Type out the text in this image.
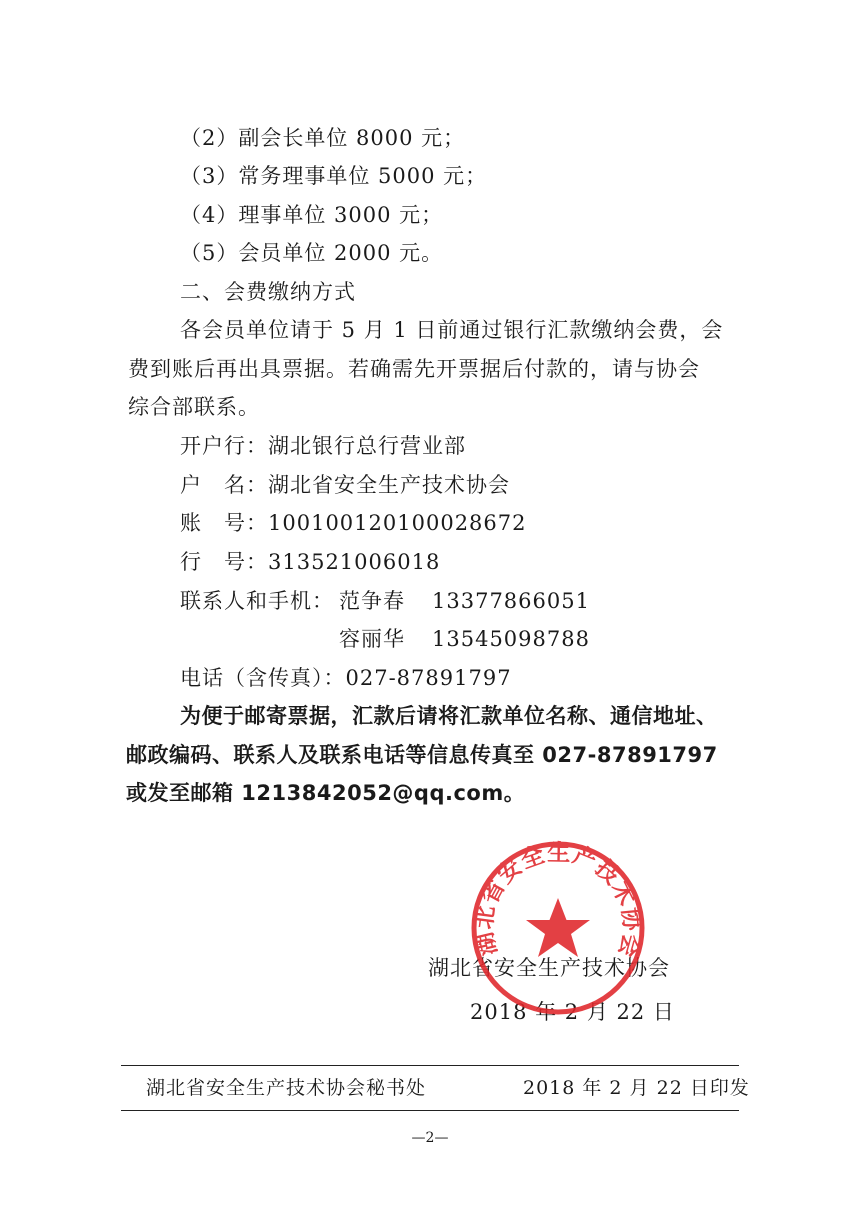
（2）副会长单位 8000 元；
（3）常务理事单位 5000 元；
（4）理事单位 3000 元；
（5）会员单位 2000 元。
二、会费缴纳方式
各会员单位请于 5 月 1 日前通过银行汇款缴纳会费，会
费到账后再出具票据。若确需先开票据后付款的，请与协会
综合部联系。
开户行：湖北银行总行营业部
户　名：湖北省安全生产技术协会
账　号：100100120100028672
行　号：313521006018
联系人和手机： 范争春 13377866051
容丽华 13545098788
电话（含传真）：027-87891797
为便于邮寄票据，汇款后请将汇款单位名称、通信地址、
邮政编码、联系人及联系电话等信息传真至 027-87891797
或发至邮箱 1213842052@qq.com。
湖北省安全生产技术协会
2018 年 2 月 22 日
湖北省安全生产技术协会
湖北省安全生产技术协会秘书处	2018 年 2 月 22 日印发
—2—
